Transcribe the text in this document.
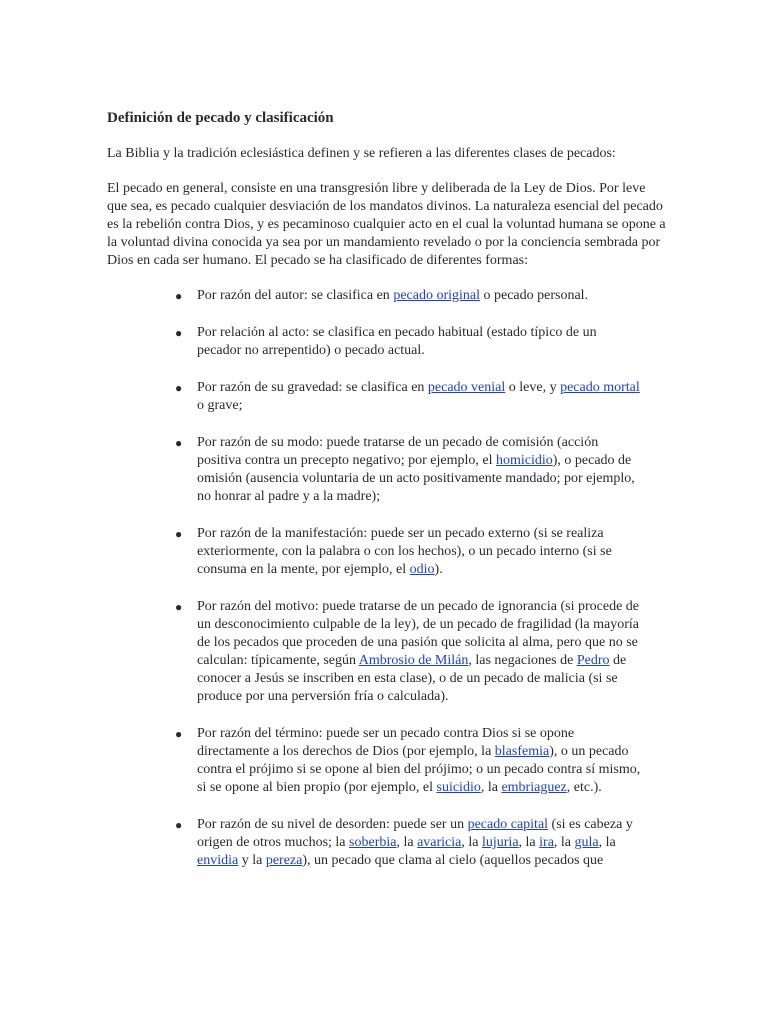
Definición de pecado y clasificación
La Biblia y la tradición eclesiástica definen y se refieren a las diferentes clases de pecados:
El pecado en general, consiste en una transgresión libre y deliberada de la Ley de Dios. Por leve que sea, es pecado cualquier desviación de los mandatos divinos. La naturaleza esencial del pecado es la rebelión contra Dios, y es pecaminoso cualquier acto en el cual la voluntad humana se opone a la voluntad divina conocida ya sea por un mandamiento revelado o por la conciencia sembrada por Dios en cada ser humano. El pecado se ha clasificado de diferentes formas:
● Por razón del autor: se clasifica en pecado original o pecado personal.
● Por relación al acto: se clasifica en pecado habitual (estado típico de un pecador no arrepentido) o pecado actual.
● Por razón de su gravedad: se clasifica en pecado venial o leve, y pecado mortal o grave;
● Por razón de su modo: puede tratarse de un pecado de comisión (acción positiva contra un precepto negativo; por ejemplo, el homicidio), o pecado de omisión (ausencia voluntaria de un acto positivamente mandado; por ejemplo, no honrar al padre y a la madre);
● Por razón de la manifestación: puede ser un pecado externo (si se realiza exteriormente, con la palabra o con los hechos), o un pecado interno (si se consuma en la mente, por ejemplo, el odio).
● Por razón del motivo: puede tratarse de un pecado de ignorancia (si procede de un desconocimiento culpable de la ley), de un pecado de fragilidad (la mayoría de los pecados que proceden de una pasión que solicita al alma, pero que no se calculan: típicamente, según Ambrosio de Milán, las negaciones de Pedro de conocer a Jesús se inscriben en esta clase), o de un pecado de malicia (si se produce por una perversión fría o calculada).
● Por razón del término: puede ser un pecado contra Dios si se opone directamente a los derechos de Dios (por ejemplo, la blasfemia), o un pecado contra el prójimo si se opone al bien del prójimo; o un pecado contra sí mismo, si se opone al bien propio (por ejemplo, el suicidio, la embriaguez, etc.).
● Por razón de su nivel de desorden: puede ser un pecado capital (si es cabeza y origen de otros muchos; la soberbia, la avaricia, la lujuria, la ira, la gula, la envidia y la pereza), un pecado que clama al cielo (aquellos pecados que
